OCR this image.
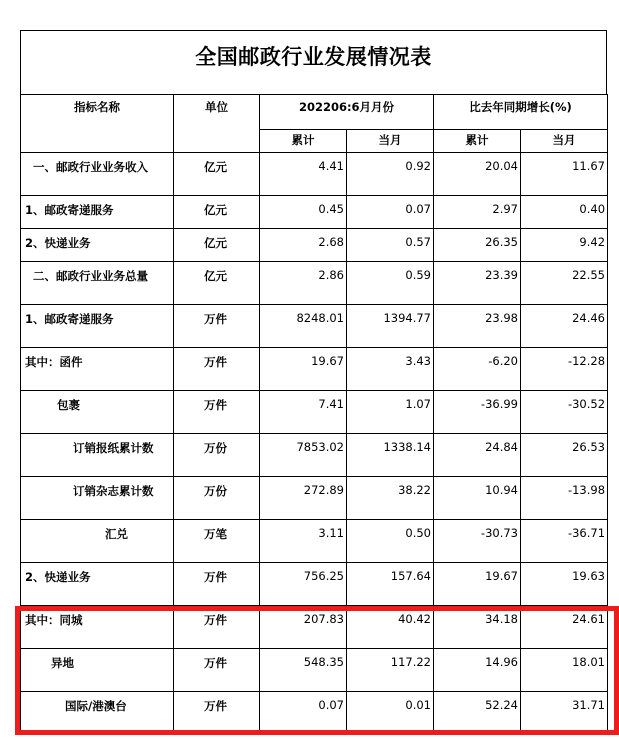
全国邮政行业发展情况表
指标名称	单位	202206:6月月份		比去年同期增长(%)	
		累计	当月	累计	当月
一、邮政行业业务收入	亿元	4.41	0.92	20.04	11.67
1、邮政寄递服务	亿元	0.45	0.07	2.97	0.40
2、快递业务	亿元	2.68	0.57	26.35	9.42
二、邮政行业业务总量	亿元	2.86	0.59	23.39	22.55
1、邮政寄递服务	万件	8248.01	1394.77	23.98	24.46
其中：函件	万件	19.67	3.43	-6.20	-12.28
包裹	万件	7.41	1.07	-36.99	-30.52
订销报纸累计数	万份	7853.02	1338.14	24.84	26.53
订销杂志累计数	万份	272.89	38.22	10.94	-13.98
汇兑	万笔	3.11	0.50	-30.73	-36.71
2、快递业务	万件	756.25	157.64	19.67	19.63
其中：同城	万件	207.83	40.42	34.18	24.61
异地	万件	548.35	117.22	14.96	18.01
国际/港澳台	万件	0.07	0.01	52.24	31.71
